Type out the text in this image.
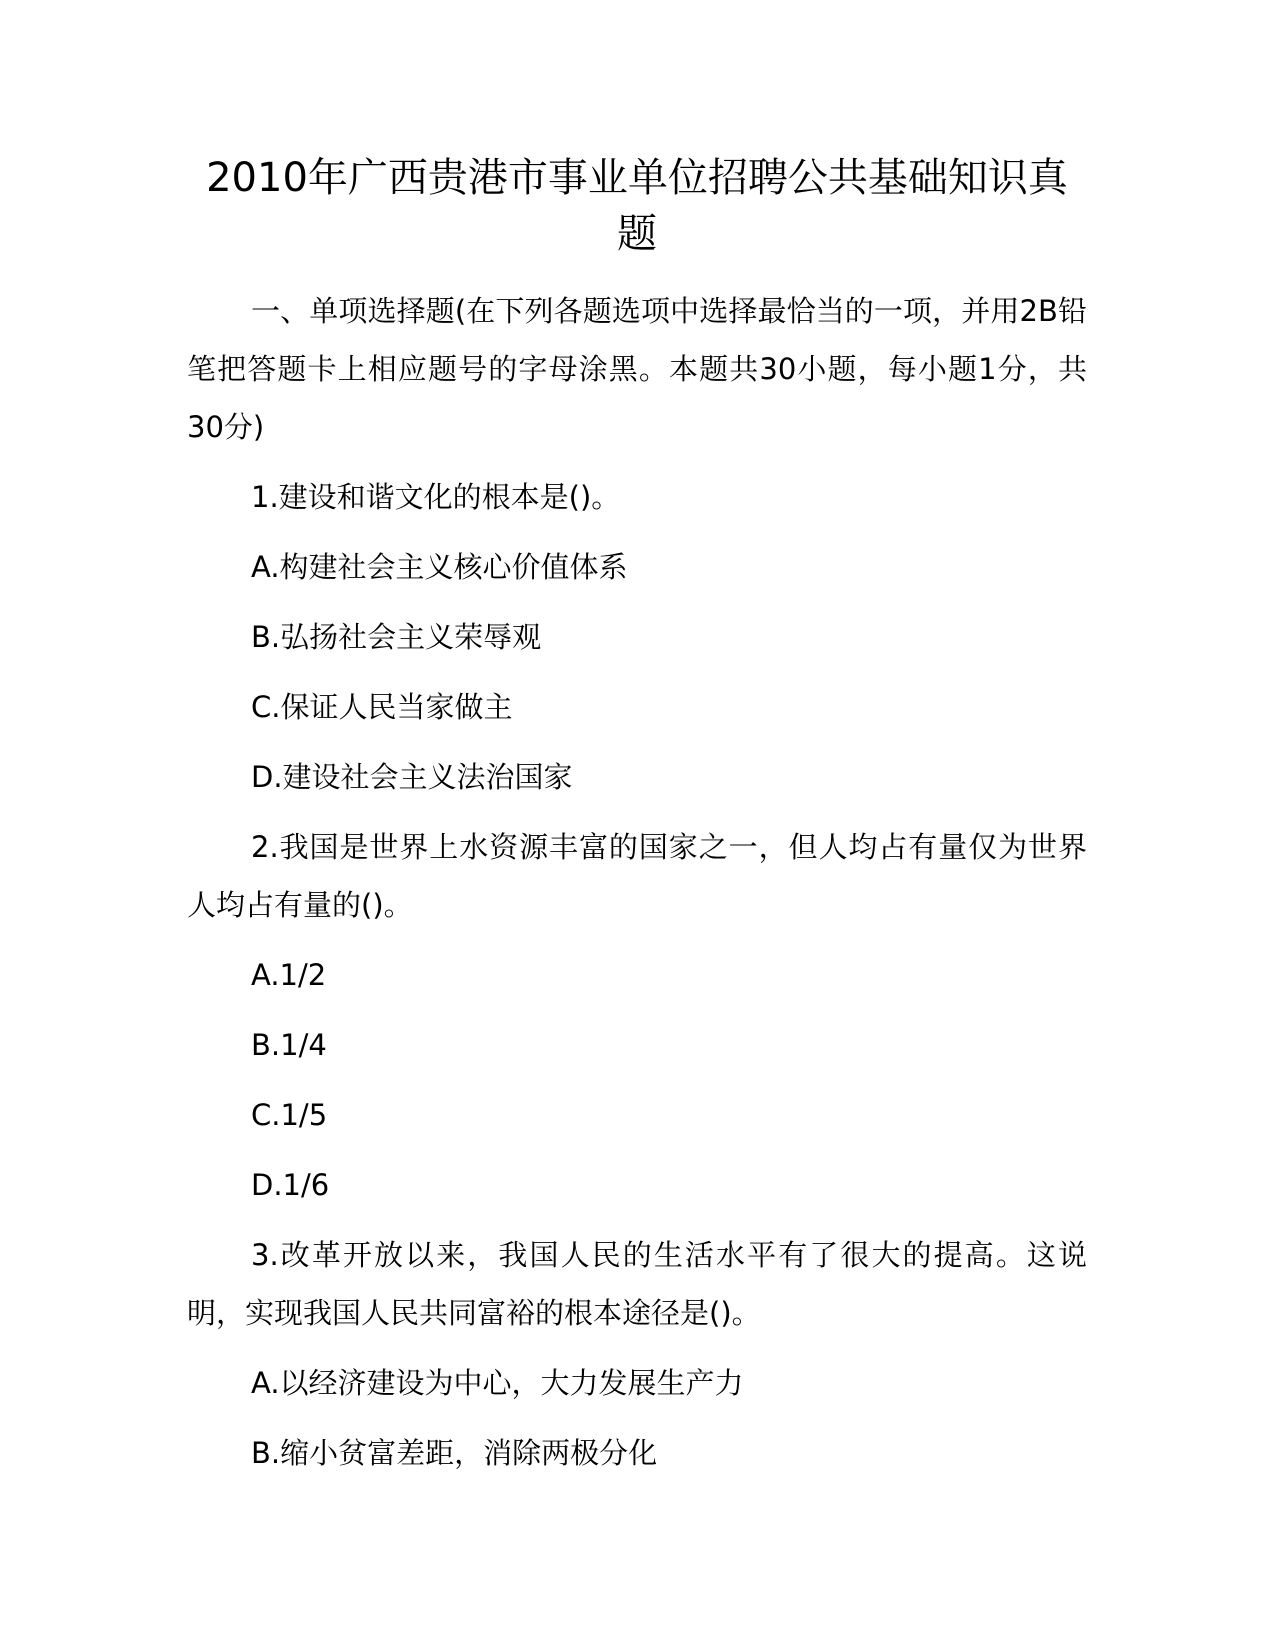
2010年广西贵港市事业单位招聘公共基础知识真题

一、单项选择题(在下列各题选项中选择最恰当的一项，并用2B铅笔把答题卡上相应题号的字母涂黑。本题共30小题，每小题1分，共30分)

1.建设和谐文化的根本是()。

A.构建社会主义核心价值体系

B.弘扬社会主义荣辱观

C.保证人民当家做主

D.建设社会主义法治国家

2.我国是世界上水资源丰富的国家之一，但人均占有量仅为世界人均占有量的()。

A.1/2

B.1/4

C.1/5

D.1/6

3.改革开放以来，我国人民的生活水平有了很大的提高。这说明，实现我国人民共同富裕的根本途径是()。

A.以经济建设为中心，大力发展生产力

B.缩小贫富差距，消除两极分化
